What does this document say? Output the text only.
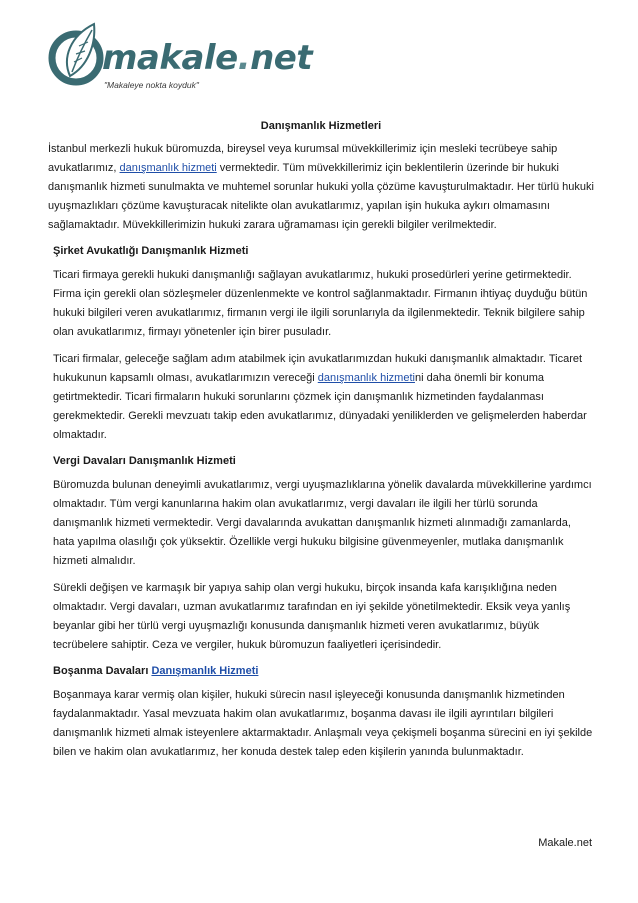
makale.net
"Makaleye nokta koyduk"
Danışmanlık Hizmetleri

İstanbul merkezli hukuk büromuzda, bireysel veya kurumsal müvekkillerimiz için mesleki tecrübeye sahip avukatlarımız, danışmanlık hizmeti vermektedir. Tüm müvekkillerimiz için beklentilerin üzerinde bir hukuki danışmanlık hizmeti sunulmakta ve muhtemel sorunlar hukuki yolla çözüme kavuşturulmaktadır. Her türlü hukuki uyuşmazlıkları çözüme kavuşturacak nitelikte olan avukatlarımız, yapılan işin hukuka aykırı olmamasını sağlamaktadır. Müvekkillerimizin hukuki zarara uğramaması için gerekli bilgiler verilmektedir.

Şirket Avukatlığı Danışmanlık Hizmeti

Ticari firmaya gerekli hukuki danışmanlığı sağlayan avukatlarımız, hukuki prosedürleri yerine getirmektedir. Firma için gerekli olan sözleşmeler düzenlenmekte ve kontrol sağlanmaktadır. Firmanın ihtiyaç duyduğu bütün hukuki bilgileri veren avukatlarımız, firmanın vergi ile ilgili sorunlarıyla da ilgilenmektedir. Teknik bilgilere sahip olan avukatlarımız, firmayı yönetenler için birer pusuladır.

Ticari firmalar, geleceğe sağlam adım atabilmek için avukatlarımızdan hukuki danışmanlık almaktadır. Ticaret hukukunun kapsamlı olması, avukatlarımızın vereceği danışmanlık hizmetini daha önemli bir konuma getirtmektedir. Ticari firmaların hukuki sorunlarını çözmek için danışmanlık hizmetinden faydalanması gerekmektedir. Gerekli mevzuatı takip eden avukatlarımız, dünyadaki yeniliklerden ve gelişmelerden haberdar olmaktadır.

Vergi Davaları Danışmanlık Hizmeti

Büromuzda bulunan deneyimli avukatlarımız, vergi uyuşmazlıklarına yönelik davalarda müvekkillerine yardımcı olmaktadır. Tüm vergi kanunlarına hakim olan avukatlarımız, vergi davaları ile ilgili her türlü sorunda danışmanlık hizmeti vermektedir. Vergi davalarında avukattan danışmanlık hizmeti alınmadığı zamanlarda, hata yapılma olasılığı çok yüksektir. Özellikle vergi hukuku bilgisine güvenmeyenler, mutlaka danışmanlık hizmeti almalıdır.

Sürekli değişen ve karmaşık bir yapıya sahip olan vergi hukuku, birçok insanda kafa karışıklığına neden olmaktadır. Vergi davaları, uzman avukatlarımız tarafından en iyi şekilde yönetilmektedir. Eksik veya yanlış beyanlar gibi her türlü vergi uyuşmazlığı konusunda danışmanlık hizmeti veren avukatlarımız, büyük tecrübelere sahiptir. Ceza ve vergiler, hukuk büromuzun faaliyetleri içerisindedir.

Boşanma Davaları Danışmanlık Hizmeti

Boşanmaya karar vermiş olan kişiler, hukuki sürecin nasıl işleyeceği konusunda danışmanlık hizmetinden faydalanmaktadır. Yasal mevzuata hakim olan avukatlarımız, boşanma davası ile ilgili ayrıntıları bilgileri danışmanlık hizmeti almak isteyenlere aktarmaktadır. Anlaşmalı veya çekişmeli boşanma sürecini en iyi şekilde bilen ve hakim olan avukatlarımız, her konuda destek talep eden kişilerin yanında bulunmaktadır.

Makale.net
